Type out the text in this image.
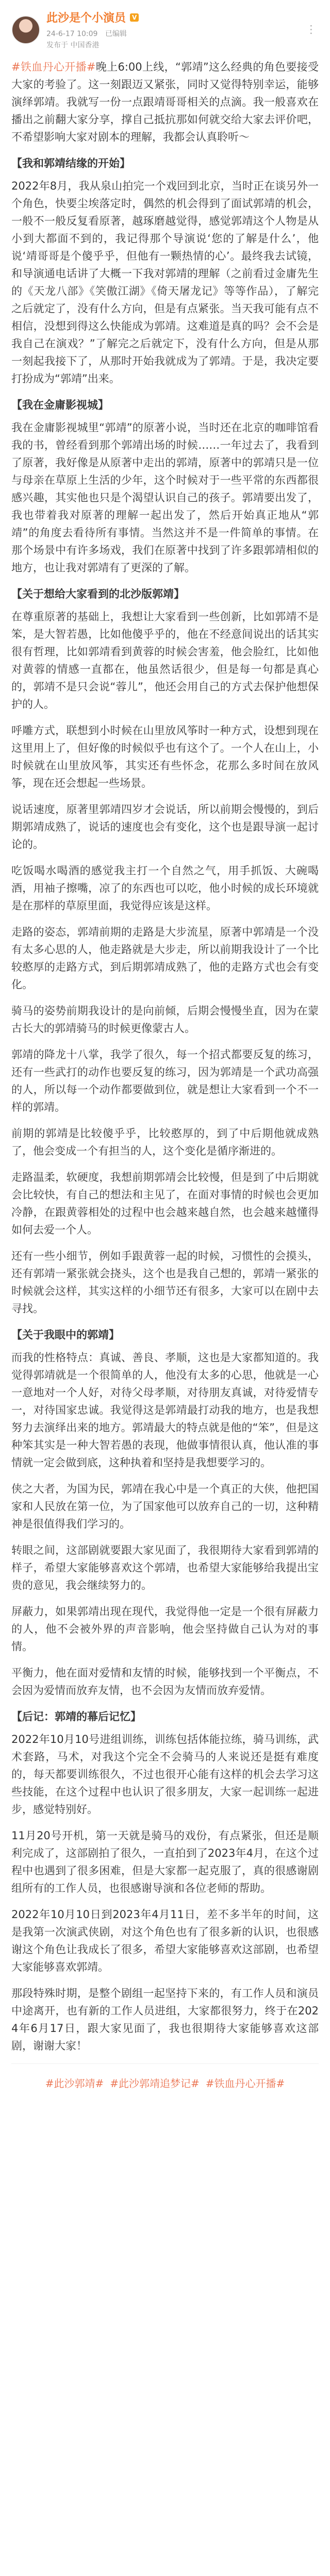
此沙是个小演员	V
24-6-17 10:09 已编辑
发布于 中国香港
⋯

#铁血丹心开播#晚上6:00上线，“郭靖”这么经典的角色要接受大家的考验了。这一刻跟迈又紧张，同时又觉得特别幸运，能够演绎郭靖。我就写一份一点跟靖哥哥相关的点滴。我一般喜欢在播出之前翻大家分享，撑自己抵抗那如何就交给大家去评价吧，不希望影响大家对剧本的理解，我都会认真聆听～

【我和郭靖结缘的开始】

2022年8月，我从泉山拍完一个戏回到北京，当时正在谈另外一个角色，快要尘埃落定时，偶然的机会得到了面试郭靖的机会，一般不一般反复看原著，越琢磨越觉得，感觉郭靖这个人物是从小到大都面不到的，我记得那个导演说‘您的了解是什么’，他说‘靖哥哥是个傻乎乎，但他有一颗热情的心’。最终我去试镜，和导演通电话讲了大概一下我对郭靖的理解（之前看过金庸先生的《天龙八部》《笑傲江湖》《倚天屠龙记》等等作品），了解完之后就定了，没有什么方向，但是有点紧张。当天我可能有点不相信，没想到得这么快能成为郭靖。这难道是真的吗？会不会是我自己在演戏？”了解完之后就定下，没有什么方向，但是从那一刻起我接下了，从那时开始我就成为了郭靖。于是，我决定要打扮成为“郭靖”出来。

【我在金庸影视城】

我在金庸影视城里“郭靖”的原著小说，当时还在北京的咖啡馆看我的书，曾经看到那个郭靖出场的时候……一年过去了，我看到了原著，我好像是从原著中走出的郭靖，原著中的郭靖只是一位与母亲在草原上生活的少年，这个时候对于一些平常的东西都很感兴趣，其实他也只是个渴望认识自己的孩子。郭靖要出发了，我也带着我对原著的理解一起出发了，然后开始真正地从“郭靖”的角度去看待所有事情。当然这并不是一件简单的事情。在那个场景中有许多场戏，我们在原著中找到了许多跟郭靖相似的地方，也让我对郭靖有了更深的了解。

【关于想给大家看到的北沙版郭靖】

在尊重原著的基础上，我想让大家看到一些创新，比如郭靖不是笨，是大智若愚，比如他傻乎乎的，他在不经意间说出的话其实很有哲理，比如郭靖看到黄蓉的时候会害羞，他会脸红，比如他对黄蓉的情感一直都在，他虽然话很少，但是每一句都是真心的，郭靖不是只会说“蓉儿”，他还会用自己的方式去保护他想保护的人。

呼雕方式，联想到小时候在山里放风筝时一种方式，设想到现在这里用上了，但好像的时候似乎也有这个了。一个人在山上，小时候就在山里放风筝，其实还有些怀念，花那么多时间在放风筝，现在还会想起一些场景。

说话速度，原著里郭靖四岁才会说话，所以前期会慢慢的，到后期郭靖成熟了，说话的速度也会有变化，这个也是跟导演一起讨论的。

吃饭喝水喝酒的感觉我主打一个自然之气，用手抓饭、大碗喝酒，用袖子擦嘴，凉了的东西也可以吃，他小时候的成长环境就是在那样的草原里面，我觉得应该是这样。

走路的姿态，郭靖前期的走路是大步流星，原著中郭靖是一个没有太多心思的人，他走路就是大步走，所以前期我设计了一个比较憨厚的走路方式，到后期郭靖成熟了，他的走路方式也会有变化。

骑马的姿势前期我设计的是向前倾，后期会慢慢坐直，因为在蒙古长大的郭靖骑马的时候更像蒙古人。

郭靖的降龙十八掌，我学了很久，每一个招式都要反复的练习，还有一些武打的动作也要反复的练习，因为郭靖是一个武功高强的人，所以每一个动作都要做到位，就是想让大家看到一个不一样的郭靖。

前期的郭靖是比较傻乎乎，比较憨厚的，到了中后期他就成熟了，他会变成一个有担当的人，这个变化是循序渐进的。

走路温柔，软硬度，我想前期郭靖会比较慢，但是到了中后期就会比较快，有自己的想法和主见了，在面对事情的时候也会更加冷静，在跟黄蓉相处的过程中也会越来越自然，也会越来越懂得如何去爱一个人。

还有一些小细节，例如手跟黄蓉一起的时候，习惯性的会摸头，还有郭靖一紧张就会挠头，这个也是我自己想的，郭靖一紧张的时候就会这样，其实这样的小细节还有很多，大家可以在剧中去寻找。

【关于我眼中的郭靖】

而我的性格特点：真诚、善良、孝顺，这也是大家都知道的。我觉得郭靖就是一个很简单的人，他没有太多的心思，他就是一心一意地对一个人好，对待父母孝顺，对待朋友真诚，对待爱情专一，对待国家忠诚。我觉得这是郭靖最打动我的地方，也是我想努力去演绎出来的地方。郭靖最大的特点就是他的“笨”，但是这种笨其实是一种大智若愚的表现，他做事情很认真，他认准的事情就一定会做到底，这种执着和坚持是我想要学习的。

侠之大者，为国为民，郭靖在我心中是一个真正的大侠，他把国家和人民放在第一位，为了国家他可以放弃自己的一切，这种精神是很值得我们学习的。

转眼之间，这部剧就要跟大家见面了，我很期待大家看到郭靖的样子，希望大家能够喜欢这个郭靖，也希望大家能够给我提出宝贵的意见，我会继续努力的。

屏蔽力，如果郭靖出现在现代，我觉得他一定是一个很有屏蔽力的人，他不会被外界的声音影响，他会坚持做自己认为对的事情。

平衡力，他在面对爱情和友情的时候，能够找到一个平衡点，不会因为爱情而放弃友情，也不会因为友情而放弃爱情。

【后记：郭靖的幕后记忆】

2022年10月10号进组训练，训练包括体能拉练，骑马训练，武术套路，马术，对我这个完全不会骑马的人来说还是挺有难度的，每天都要训练很久，不过也很开心能有这样的机会去学习这些技能，在这个过程中也认识了很多朋友，大家一起训练一起进步，感觉特别好。

11月20号开机，第一天就是骑马的戏份，有点紧张，但还是顺利完成了，这部剧拍了很久，一直拍到了2023年4月，在这个过程中也遇到了很多困难，但是大家都一起克服了，真的很感谢剧组所有的工作人员，也很感谢导演和各位老师的帮助。

2022年10月10日到2023年4月11日，差不多半年的时间，这是我第一次演武侠剧，对这个角色也有了很多新的认识，也很感谢这个角色让我成长了很多，希望大家能够喜欢这部剧，也希望大家能够喜欢郭靖。

那段特殊时期，是整个剧组一起坚持下来的，有工作人员和演员中途离开，也有新的工作人员进组，大家都很努力，终于在2024年6月17日，跟大家见面了，我也很期待大家能够喜欢这部剧，谢谢大家！

#此沙郭靖# #此沙郭靖追梦记# #铁血丹心开播#
